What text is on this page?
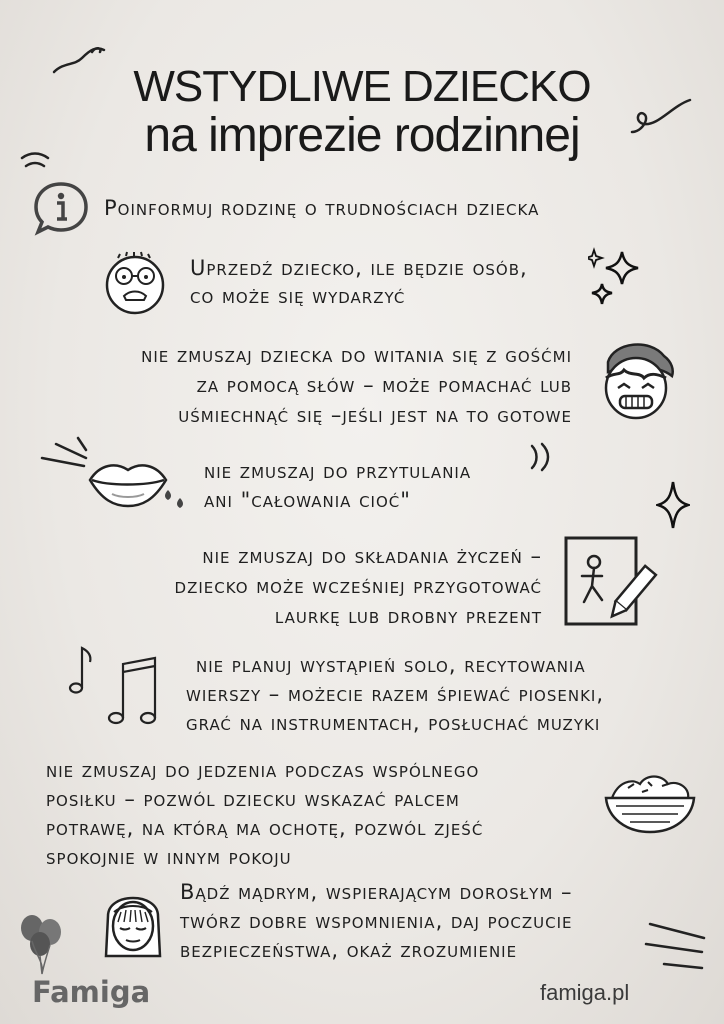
WSTYDLIWE DZIECKO
na imprezie rodzinnej
Poinformuj rodzinę o trudnościach dziecka
Uprzedź dziecko, ile będzie osób,
co może się wydarzyć
nie zmuszaj dziecka do witania się z gośćmi
za pomocą słów – może pomachać lub
uśmiechnąć się –jeśli jest na to gotowe
nie zmuszaj do przytulania
ani "całowania cioć"
nie zmuszaj do składania życzeń –
dziecko może wcześniej przygotować
laurkę lub drobny prezent
nie planuj wystąpień solo, recytowania
wierszy – możecie razem śpiewać piosenki,
grać na instrumentach, posłuchać muzyki
nie zmuszaj do jedzenia podczas wspólnego
posiłku – pozwól dziecku wskazać palcem
potrawę, na którą ma ochotę, pozwól zjeść
spokojnie w innym pokoju
Bądź mądrym, wspierającym dorosłym –
twórz dobre wspomnienia, daj poczucie
bezpieczeństwa, okaż zrozumienie
Famiga	famiga.pl
